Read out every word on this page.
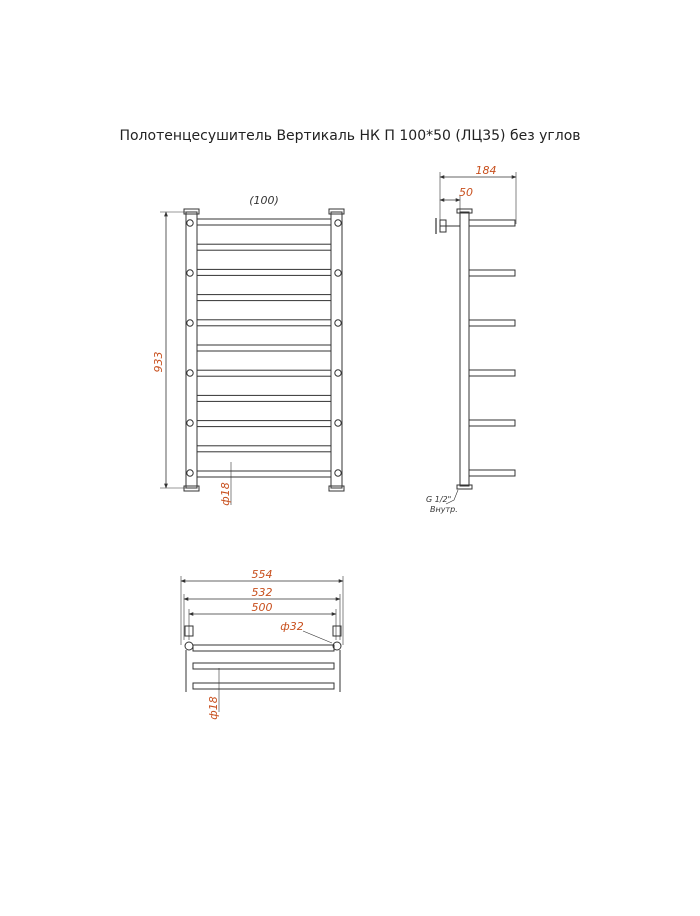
Полотенцесушитель Вертикаль НК П 100*50 (ЛЦ35) без углов
933
(100)
ф18
184
50
G 1/2"
Внутр.
554
532
500
ф32
ф18
